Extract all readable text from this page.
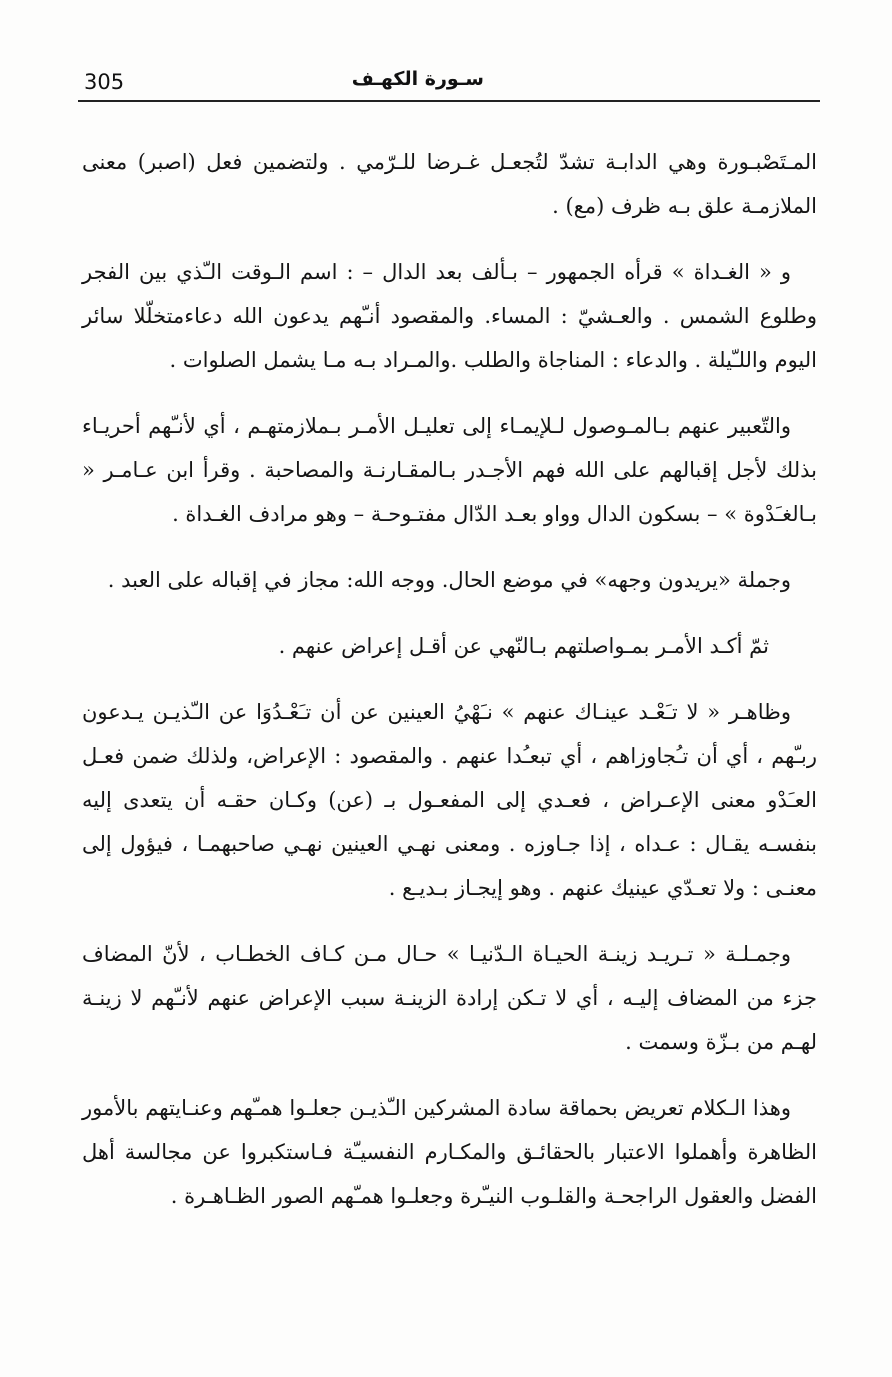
305	سـورة الكهـف

المـتَصْبـورة وهي الدابـة تشدّ لتُجعـل غـرضا للـرّمي . ولتضمين فعل (اصبر) معنى الملازمـة علق بـه ظرف (مع) .

و « الغـداة » قرأه الجمهور – بـألف بعد الدال – : اسم الـوقت الـّذي بين الفجر وطلوع الشمس . والعـشيّ : المساء. والمقصود أنـّهم يدعون الله دعاءمتخلّلا سائر اليوم واللـّيلة . والدعاء : المناجاة والطلب .والمـراد بـه مـا يشمل الصلوات .

والتّعبير عنهم بـالمـوصول لـلإيمـاء إلى تعليـل الأمـر بـملازمتهـم ، أي لأنـّهم أحريـاء بذلك لأجل إقبالهم على الله فهم الأجـدر بـالمقـارنـة والمصاحبة . وقرأ ابن عـامـر « بـالغـَدْوة » – بسكون الدال وواو بعـد الدّال مفتـوحـة – وهو مرادف الغـداة .

وجملة «يريدون وجهه» في موضع الحال. ووجه الله: مجاز في إقباله على العبد .

ثمّ أكـد الأمـر بمـواصلتهم بـالنّهي عن أقـل إعراض عنهم .

وظاهـر « لا تـَعْـد عينـاك عنهم » نـَهْيُ العينين عن أن تـَعْـدُوَا عن الـّذيـن يـدعون ربـّهم ، أي أن تـُجاوزاهم ، أي تبعـُدا عنهم . والمقصود : الإعراض، ولذلك ضمن فعـل العـَدْو معنى الإعـراض ، فعـدي إلى المفعـول بـ (عن) وكـان حقـه أن يتعدى إليه بنفسـه يقـال : عـداه ، إذا جـاوزه . ومعنى نهـي العينين نهـي صاحبهمـا ، فيؤول إلى معنـى : ولا تعـدّي عينيك عنهم . وهو إيجـاز بـديـع .

وجمـلـة « تـريـد زينـة الحيـاة الـدّنيـا » حـال مـن كـاف الخطـاب ، لأنّ المضاف جزء من المضاف إليـه ، أي لا تـكن إرادة الزينـة سبب الإعراض عنهم لأنـّهم لا زينـة لهـم من بـزّة وسمت .

وهذا الـكلام تعريض بحماقة سادة المشركين الـّذيـن جعلـوا همـّهم وعنـايتهم بالأمور الظاهرة وأهملوا الاعتبار بالحقائـق والمكـارم النفسيـّة فـاستكبروا عن مجالسة أهل الفضل والعقول الراجحـة والقلـوب النيـّرة وجعلـوا همـّهم الصور الظـاهـرة .
